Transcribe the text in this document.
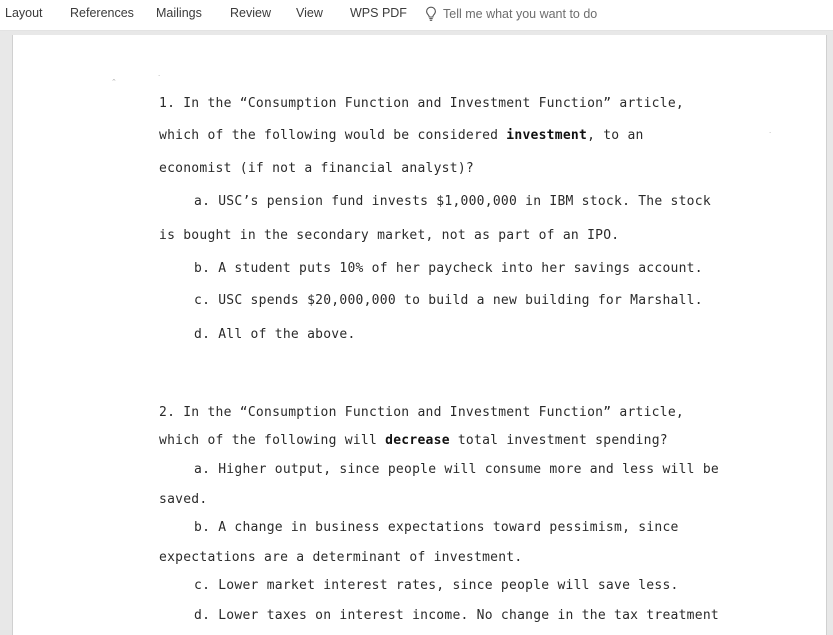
Layout References Mailings Review View WPS PDF	Tell me what you want to do
⌃
·
·
1. In the “Consumption Function and Investment Function” article,
which of the following would be considered investment, to an
economist (if not a financial analyst)?
a. USC’s pension fund invests $1,000,000 in IBM stock. The stock
is bought in the secondary market, not as part of an IPO.
b. A student puts 10% of her paycheck into her savings account.
c. USC spends $20,000,000 to build a new building for Marshall.
d. All of the above.
2. In the “Consumption Function and Investment Function” article,
which of the following will decrease total investment spending?
a. Higher output, since people will consume more and less will be
saved.
b. A change in business expectations toward pessimism, since
expectations are a determinant of investment.
c. Lower market interest rates, since people will save less.
d. Lower taxes on interest income. No change in the tax treatment
